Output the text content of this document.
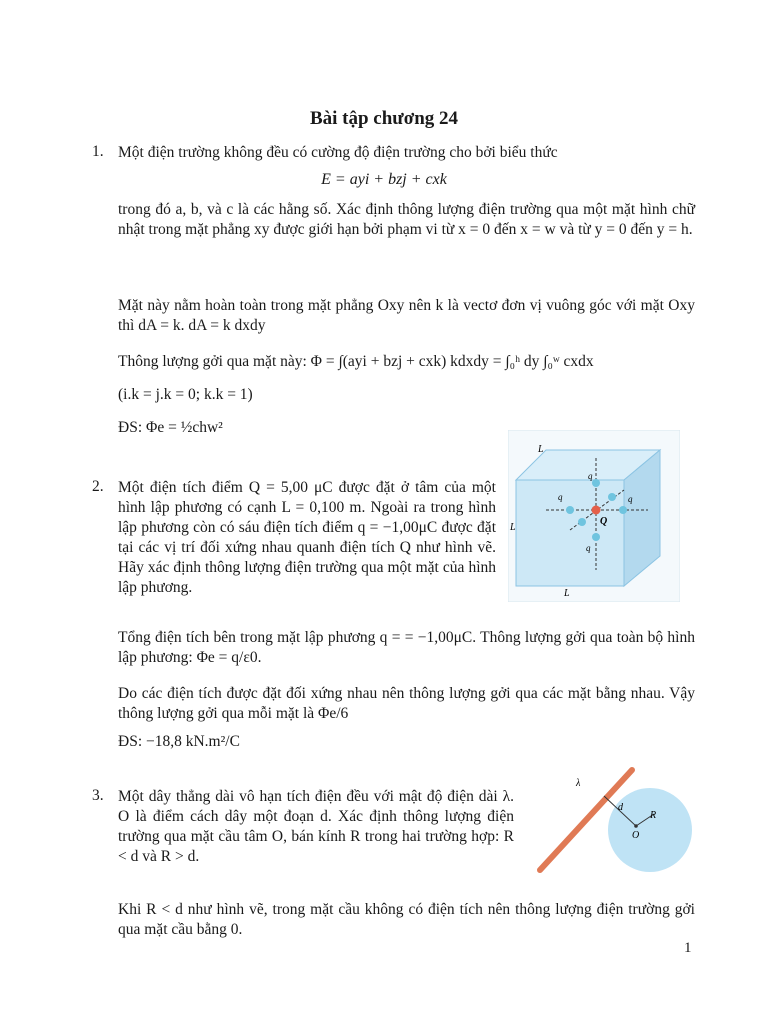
Bài tập chương 24
1. Một điện trường không đều có cường độ điện trường cho bởi biểu thức
E = ayi + bzj + cxk
trong đó a, b, và c là các hằng số. Xác định thông lượng điện trường qua một mặt hình chữ nhật trong mặt phẳng xy được giới hạn bởi phạm vi từ x = 0 đến x = w và từ y = 0 đến y = h.
Mặt này nằm hoàn toàn trong mặt phẳng Oxy nên k là vectơ đơn vị vuông góc với mặt Oxy thì dA = k. dA = k dxdy
Thông lượng gởi qua mặt này: Φ = ∫(ayi + bzj + cxk) kdxdy = ∫₀ʰ dy ∫₀ʷ cxdx
(i.k = j.k = 0; k.k = 1)
ĐS: Φe = ½chw²
2. Một điện tích điểm Q = 5,00 μC được đặt ở tâm của một hình lập phương có cạnh L = 0,100 m. Ngoài ra trong hình lập phương còn có sáu điện tích điểm q = −1,00μC được đặt tại các vị trí đối xứng nhau quanh điện tích Q như hình vẽ. Hãy xác định thông lượng điện trường qua một mặt của hình lập phương.
L
L
L
q
q	q
q
Q
Tổng điện tích bên trong mặt lập phương q = = −1,00μC. Thông lượng gởi qua toàn bộ hình lập phương: Φe = q/ε0.
Do các điện tích được đặt đối xứng nhau nên thông lượng gởi qua các mặt bằng nhau. Vậy thông lượng gởi qua mỗi mặt là Φe/6
ĐS: −18,8 kN.m²/C
3. Một dây thẳng dài vô hạn tích điện đều với mật độ điện dài λ. O là điểm cách dây một đoạn d. Xác định thông lượng điện trường qua mặt cầu tâm O, bán kính R trong hai trường hợp: R < d và R > d.
λ
d
R
O
Khi R < d như hình vẽ, trong mặt cầu không có điện tích nên thông lượng điện trường gởi qua mặt cầu bằng 0.
1
